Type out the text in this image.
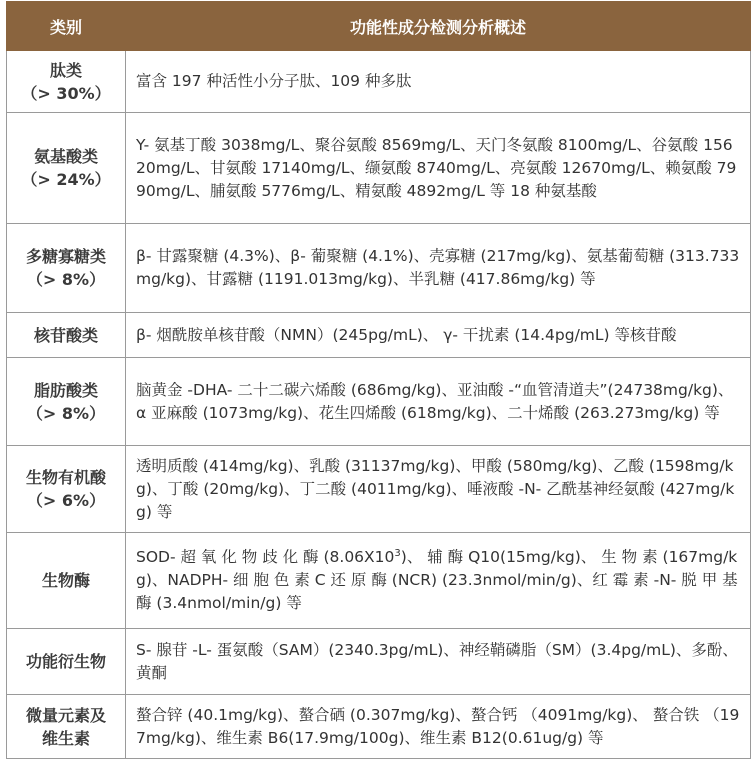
类别	功能性成分检测分析概述

肽类
（> 30%）	富含 197 种活性小分子肽、109 种多肽

氨基酸类
（> 24%）	Y- 氨基丁酸 3038mg/L、聚谷氨酸 8569mg/L、天门冬氨酸 8100mg/L、谷氨酸 15620mg/L、甘氨酸 17140mg/L、缬氨酸 8740mg/L、亮氨酸 12670mg/L、赖氨酸 7990mg/L、脯氨酸 5776mg/L、精氨酸 4892mg/L 等 18 种氨基酸

多糖寡糖类
（> 8%）	β- 甘露聚糖 (4.3%)、β- 葡聚糖 (4.1%)、壳寡糖 (217mg/kg)、氨基葡萄糖 (313.733mg/kg)、甘露糖 (1191.013mg/kg)、半乳糖 (417.86mg/kg) 等

核苷酸类	β- 烟酰胺单核苷酸（NMN）(245pg/mL)、 γ- 干扰素 (14.4pg/mL) 等核苷酸

脂肪酸类
（> 8%）	脑黄金 -DHA- 二十二碳六烯酸 (686mg/kg)、亚油酸 -“血管清道夫”(24738mg/kg)、α 亚麻酸 (1073mg/kg)、花生四烯酸 (618mg/kg)、二十烯酸 (263.273mg/kg) 等

生物有机酸
（> 6%）	透明质酸 (414mg/kg)、乳酸 (31137mg/kg)、甲酸 (580mg/kg)、乙酸 (1598mg/kg)、丁酸 (20mg/kg)、丁二酸 (4011mg/kg)、唾液酸 -N- 乙酰基神经氨酸 (427mg/kg) 等

生物酶	SOD- 超 氧 化 物 歧 化 酶 $(8.06X10^3)$、 辅 酶 Q10(15mg/kg)、 生 物 素 (167mg/kg)、NADPH- 细 胞 色 素 C 还 原 酶 (NCR) (23.3nmol/min/g)、红 霉 素 -N- 脱 甲 基酶 (3.4nmol/min/g) 等

功能衍生物	S- 腺苷 -L- 蛋氨酸（SAM）(2340.3pg/mL)、神经鞘磷脂（SM）(3.4pg/mL)、多酚、黄酮

微量元素及
维生素	螯合锌 (40.1mg/kg)、螯合硒 (0.307mg/kg)、螯合钙 （4091mg/kg)、 螯合铁 （197mg/kg)、维生素 B6(17.9mg/100g)、维生素 B12(0.61ug/g) 等
